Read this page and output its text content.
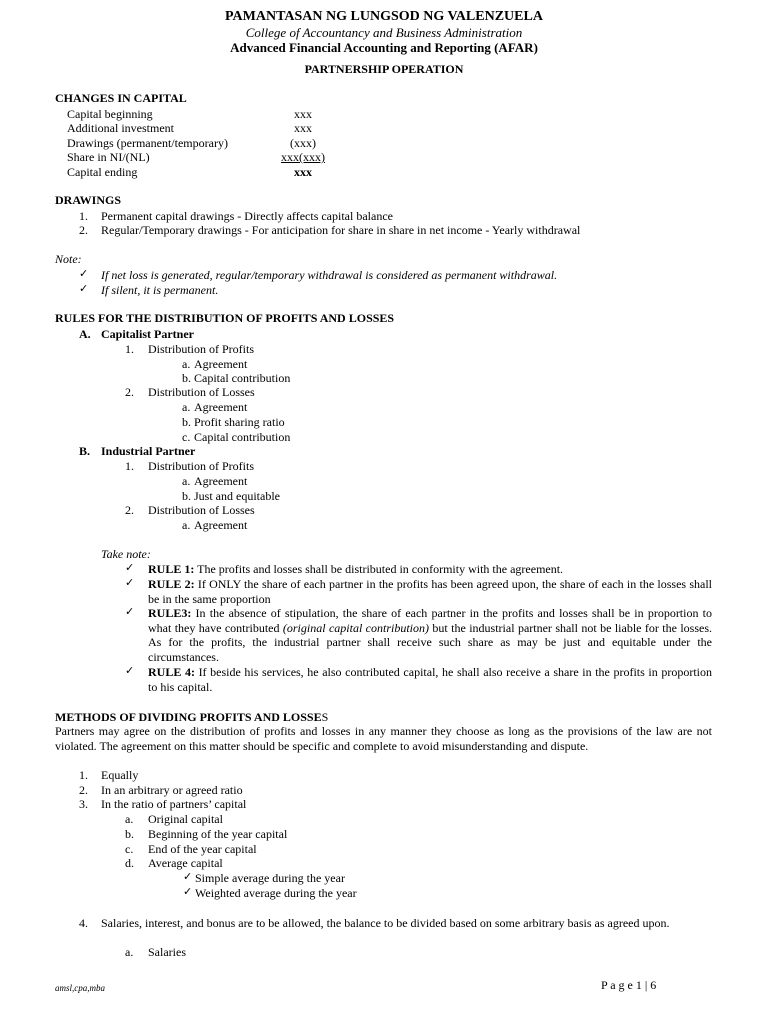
PAMANTASAN NG LUNGSOD NG VALENZUELA
College of Accountancy and Business Administration
Advanced Financial Accounting and Reporting (AFAR)
PARTNERSHIP OPERATION
CHANGES IN CAPITAL
Capital beginning	xxx
Additional investment	xxx
Drawings (permanent/temporary)	(xxx)
Share in NI/(NL)	xxx(xxx)
Capital ending	xxx
DRAWINGS
1. Permanent capital drawings - Directly affects capital balance
2. Regular/Temporary drawings - For anticipation for share in share in net income - Yearly withdrawal
Note:
✓ If net loss is generated, regular/temporary withdrawal is considered as permanent withdrawal.
✓ If silent, it is permanent.
RULES FOR THE DISTRIBUTION OF PROFITS AND LOSSES
A. Capitalist Partner
1. Distribution of Profits
a. Agreement
b. Capital contribution
2. Distribution of Losses
a. Agreement
b. Profit sharing ratio
c. Capital contribution
B. Industrial Partner
1. Distribution of Profits
a. Agreement
b. Just and equitable
2. Distribution of Losses
a. Agreement
Take note:
✓ RULE 1: The profits and losses shall be distributed in conformity with the agreement.
✓ RULE 2: If ONLY the share of each partner in the profits has been agreed upon, the share of each in the losses shall be in the same proportion
✓ RULE3: In the absence of stipulation, the share of each partner in the profits and losses shall be in proportion to what they have contributed (original capital contribution) but the industrial partner shall not be liable for the losses. As for the profits, the industrial partner shall receive such share as may be just and equitable under the circumstances.
✓ RULE 4: If beside his services, he also contributed capital, he shall also receive a share in the profits in proportion to his capital.
METHODS OF DIVIDING PROFITS AND LOSSES
Partners may agree on the distribution of profits and losses in any manner they choose as long as the provisions of the law are not violated. The agreement on this matter should be specific and complete to avoid misunderstanding and dispute.
1. Equally
2. In an arbitrary or agreed ratio
3. In the ratio of partners’ capital
a. Original capital
b. Beginning of the year capital
c. End of the year capital
d. Average capital
✓ Simple average during the year
✓ Weighted average during the year
4. Salaries, interest, and bonus are to be allowed, the balance to be divided based on some arbitrary basis as agreed upon.
a. Salaries
amsl,cpa,mba	P a g e 1 | 6
